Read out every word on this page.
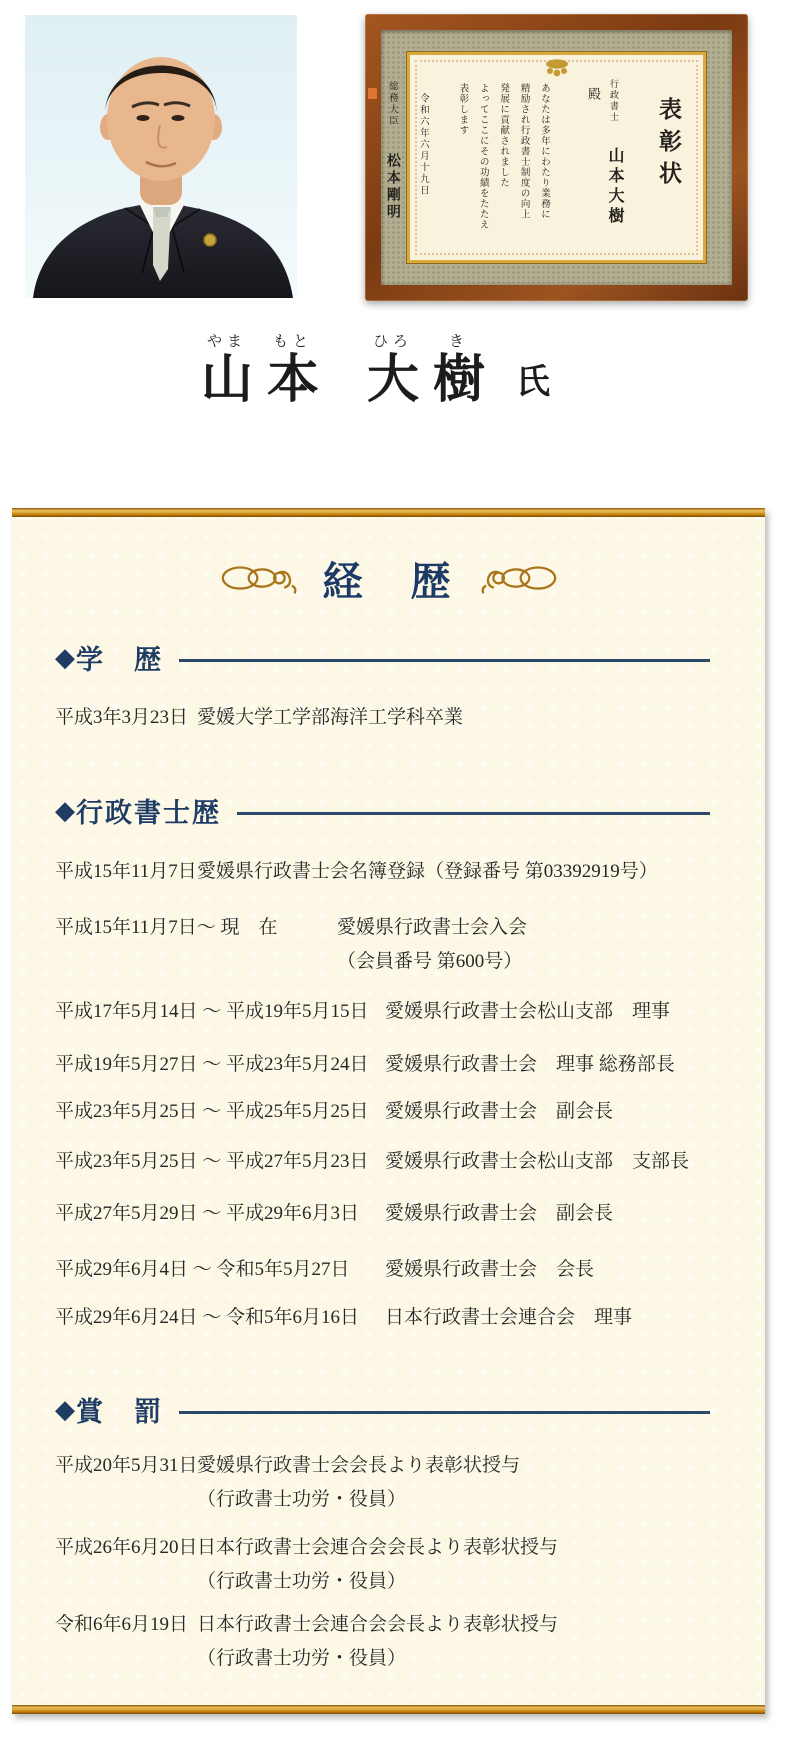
表彰状
行政書士 山本大樹 殿
あなたは多年にわたり業務に
精励され行政書士制度の向上
発展に貢献されました
よってここにその功績をたたえ
表彰します
令和六年六月十九日
総務大臣 松本剛明
やま
山
もと
本
ひろ
大
き
樹 氏
経　歴
◆ 学　歴
平成3年3月23日 愛媛大学工学部海洋工学科卒業
◆ 行政書士歴
平成15年11月7日 愛媛県行政書士会名簿登録（登録番号 第03392919号）
平成15年11月7日～ 現　在	愛媛県行政書士会入会
（会員番号 第600号）
平成17年5月14日 ～ 平成19年5月15日 愛媛県行政書士会松山支部　理事
平成19年5月27日 ～ 平成23年5月24日 愛媛県行政書士会　理事 総務部長
平成23年5月25日 ～ 平成25年5月25日 愛媛県行政書士会　副会長
平成23年5月25日 ～ 平成27年5月23日 愛媛県行政書士会松山支部　支部長
平成27年5月29日 ～ 平成29年6月3日	愛媛県行政書士会　副会長
平成29年6月4日 ～ 令和5年5月27日	愛媛県行政書士会　会長
平成29年6月24日 ～ 令和5年6月16日	日本行政書士会連合会　理事
◆ 賞　罰
平成20年5月31日 愛媛県行政書士会会長より表彰状授与
（行政書士功労・役員）
平成26年6月20日 日本行政書士会連合会会長より表彰状授与
（行政書士功労・役員）
令和6年6月19日 日本行政書士会連合会会長より表彰状授与
（行政書士功労・役員）
